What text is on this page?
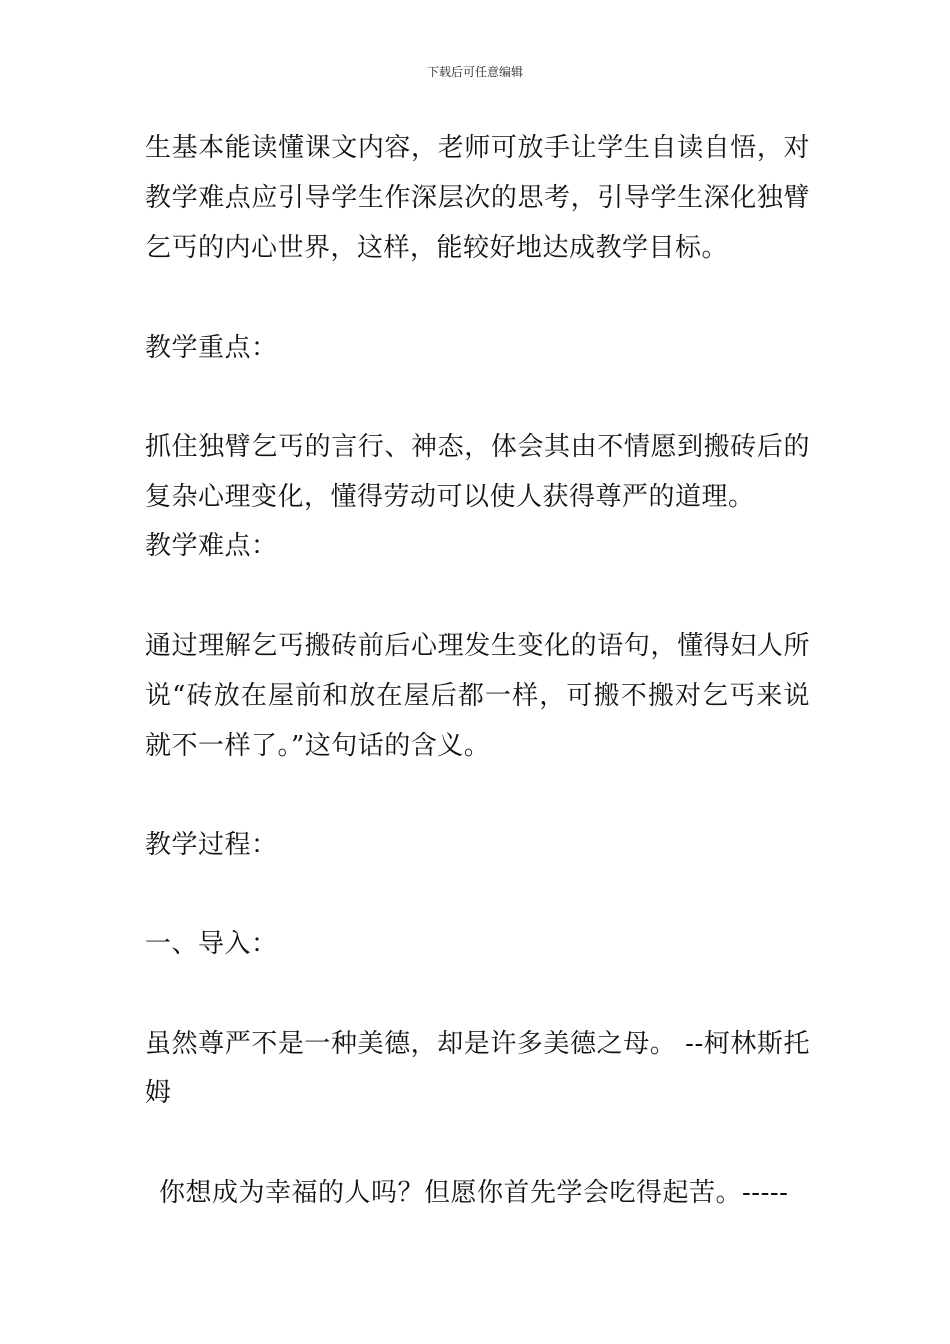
下载后可任意编辑
生基本能读懂课文内容，老师可放手让学生自读自悟，对
教学难点应引导学生作深层次的思考，引导学生深化独臂
乞丐的内心世界，这样，能较好地达成教学目标。
教学重点：
抓住独臂乞丐的言行、神态，体会其由不情愿到搬砖后的
复杂心理变化，懂得劳动可以使人获得尊严的道理。
教学难点：
通过理解乞丐搬砖前后心理发生变化的语句，懂得妇人所
说“砖放在屋前和放在屋后都一样，可搬不搬对乞丐来说
就不一样了。”这句话的含义。
教学过程：
一、导入：
虽然尊严不是一种美德，却是许多美德之母。 --柯林斯托
姆
你想成为幸福的人吗？但愿你首先学会吃得起苦。-----
